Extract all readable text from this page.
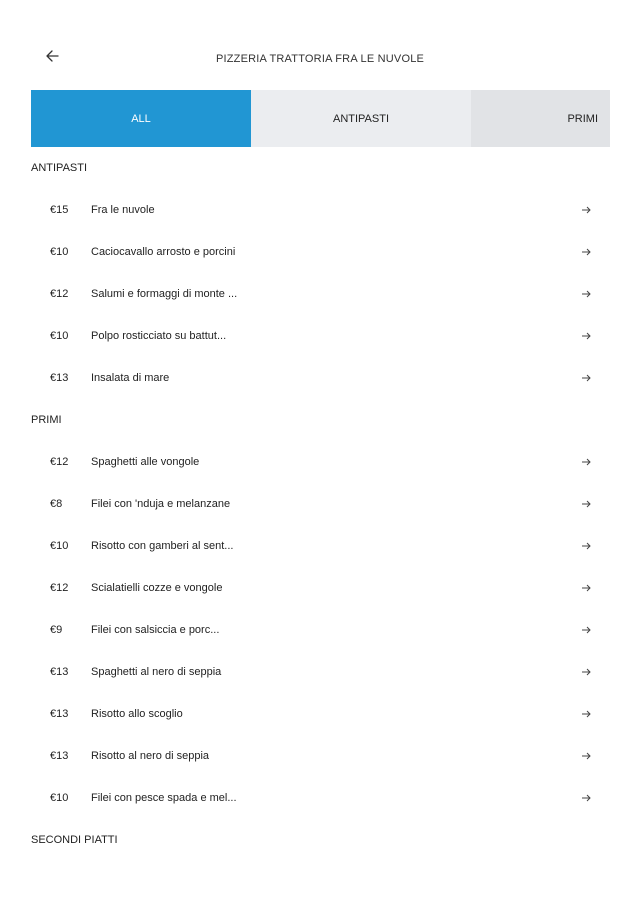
PIZZERIA TRATTORIA FRA LE NUVOLE
ALL	ANTIPASTI	PRIMI
ANTIPASTI
€15 Fra le nuvole
€10 Caciocavallo arrosto e porcini
€12 Salumi e formaggi di monte ...
€10 Polpo rosticciato su battut...
€13 Insalata di mare
PRIMI
€12 Spaghetti alle vongole
€8	Filei con 'nduja e melanzane
€10 Risotto con gamberi al sent...
€12 Scialatielli cozze e vongole
€9	Filei con salsiccia e porc...
€13 Spaghetti al nero di seppia
€13 Risotto allo scoglio
€13 Risotto al nero di seppia
€10 Filei con pesce spada e mel...
SECONDI PIATTI
